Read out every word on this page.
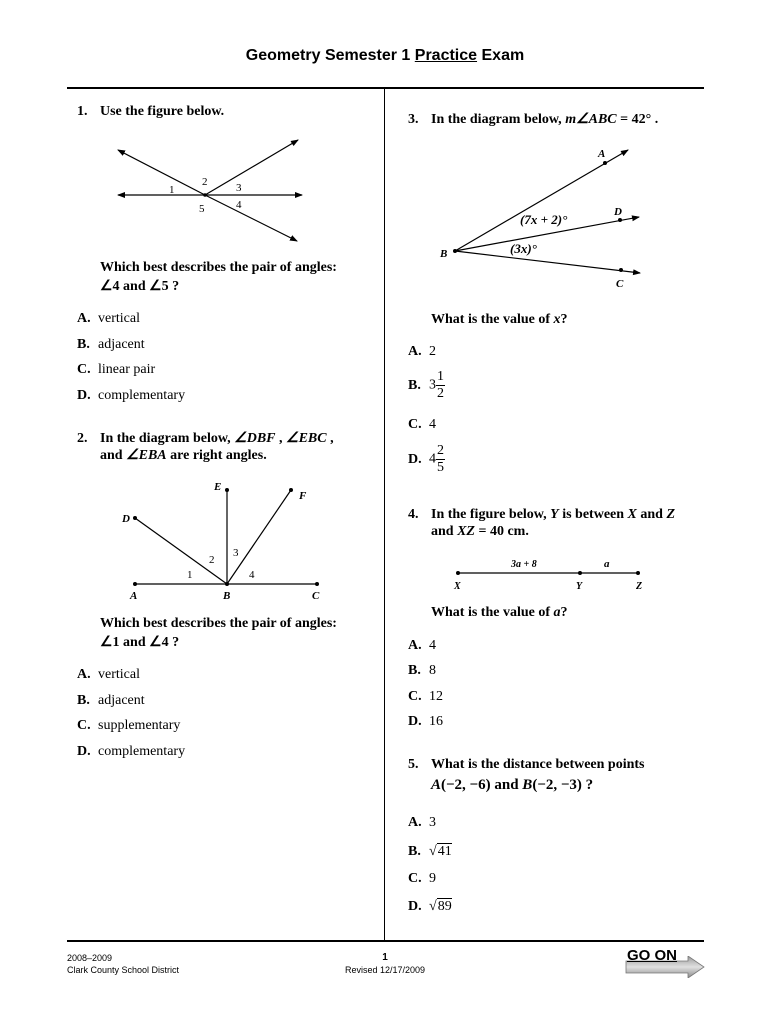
Geometry Semester 1 Practice Exam
1. Use the figure below.
1
2	3
4
5
Which best describes the pair of angles:
∠4 and ∠5 ?
A. vertical
B. adjacent
C. linear pair
D. complementary
2. In the diagram below, ∠DBF , ∠EBC ,
and ∠EBA are right angles.
E
F
D
A	B	C
1
2
3
4
Which best describes the pair of angles:
∠1 and ∠4 ?
A. vertical
B. adjacent
C. supplementary
D. complementary
3. In the diagram below, m∠ABC = 42° .
A
D
B
C
(7x + 2)°
(3x)°
What is the value of x?
A. 2
B. $3 \frac{1}{2}$
C. 4
D. $4 \frac{2}{5}$
4. In the figure below, Y is between X and Z
and XZ = 40 cm.
3a + 8	a
X	Y	Z
What is the value of a?
A. 4
B. 8
C. 12
D. 16
5. What is the distance between points
A(−2, −6) and B(−2, −3) ?
A. 3
B. √41
C. 9
D. √89
2008–2009
Clark County School District
1
Revised 12/17/2009
GO ON
